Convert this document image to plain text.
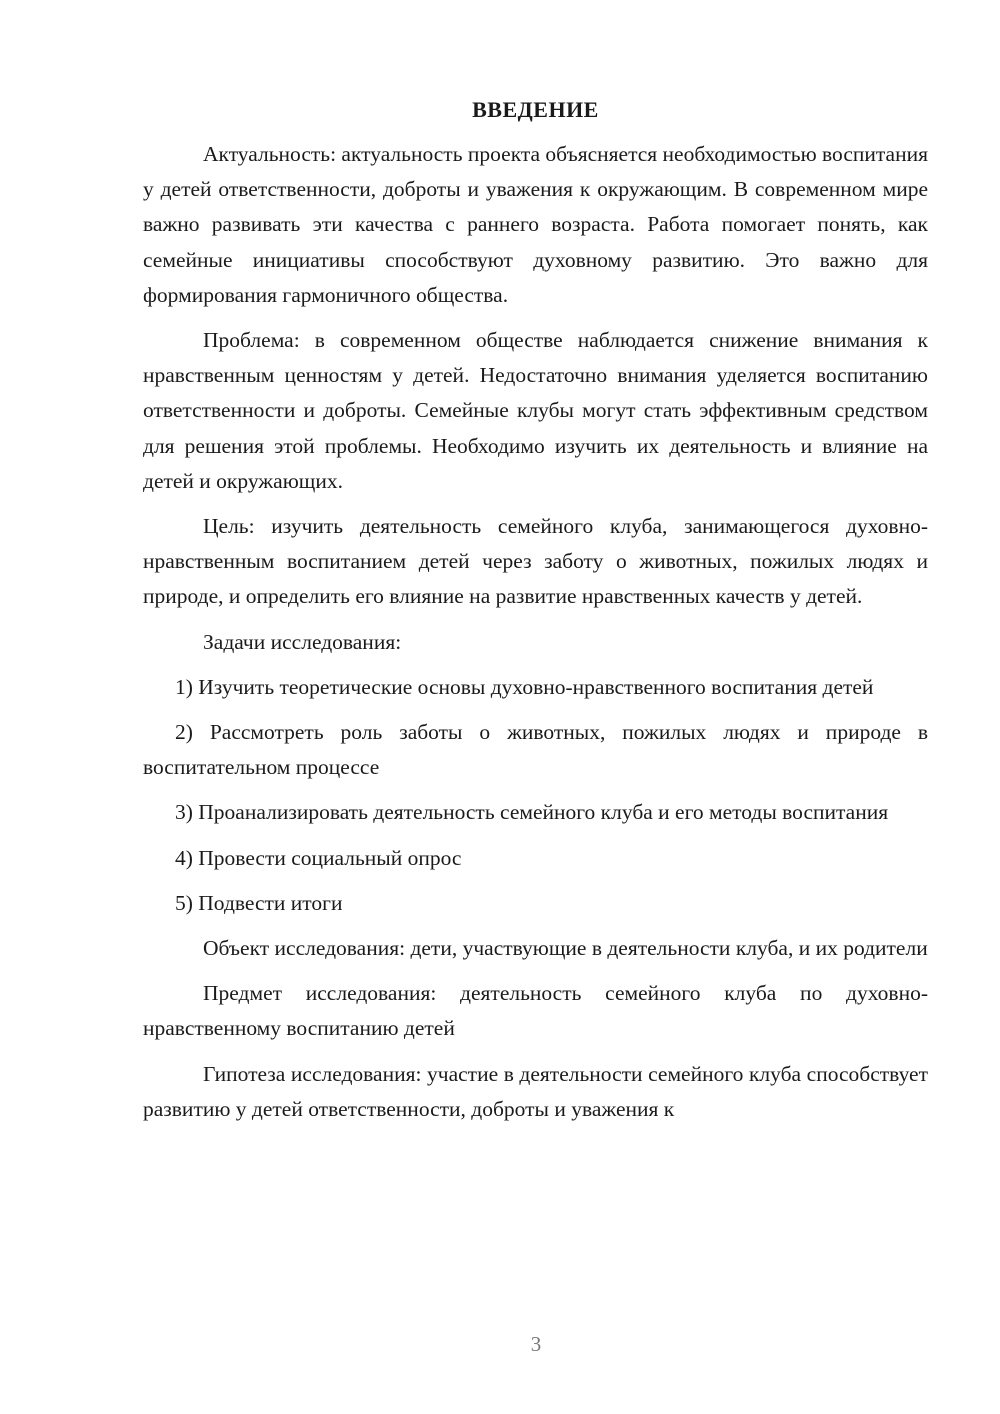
ВВЕДЕНИЕ

Актуальность: актуальность проекта объясняется необходимостью воспитания у детей ответственности, доброты и уважения к окружающим. В современном мире важно развивать эти качества с раннего возраста. Работа помогает понять, как семейные инициативы способствуют духовному развитию. Это важно для формирования гармоничного общества.

Проблема: в современном обществе наблюдается снижение внимания к нравственным ценностям у детей. Недостаточно внимания уделяется воспитанию ответственности и доброты. Семейные клубы могут стать эффективным средством для решения этой проблемы. Необходимо изучить их деятельность и влияние на детей и окружающих.

Цель: изучить деятельность семейного клуба, занимающегося духовно-нравственным воспитанием детей через заботу о животных, пожилых людях и природе, и определить его влияние на развитие нравственных качеств у детей.

Задачи исследования:

1) Изучить теоретические основы духовно-нравственного воспитания детей

2) Рассмотреть роль заботы о животных, пожилых людях и природе в воспитательном процессе

3) Проанализировать деятельность семейного клуба и его методы воспитания

4) Провести социальный опрос

5) Подвести итоги

Объект исследования: дети, участвующие в деятельности клуба, и их родители

Предмет исследования: деятельность семейного клуба по духовно-нравственному воспитанию детей

Гипотеза исследования: участие в деятельности семейного клуба способствует развитию у детей ответственности, доброты и уважения к

3
